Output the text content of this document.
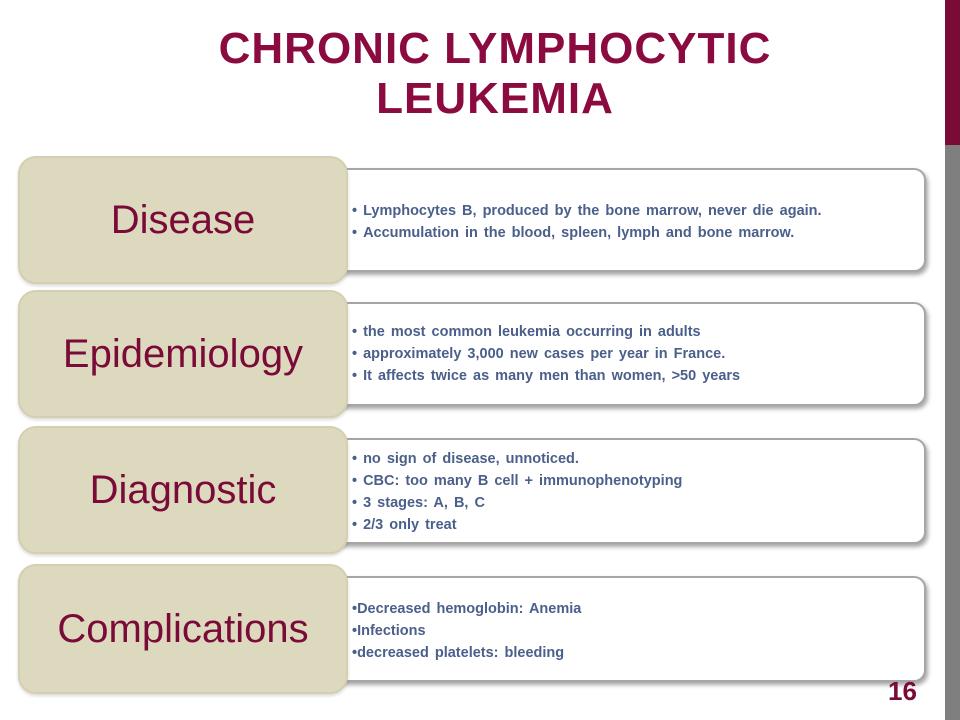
CHRONIC LYMPHOCYTIC
LEUKEMIA
• Lymphocytes B, produced by the bone marrow, never die again.
• Accumulation in the blood, spleen, lymph and bone marrow.
Disease
• the most common leukemia occurring in adults
• approximately 3,000 new cases per year in France.
• It affects twice as many men than women, >50 years
Epidemiology
• no sign of disease, unnoticed.
• CBC: too many B cell + immunophenotyping
• 3 stages: A, B, C
• 2/3 only treat
Diagnostic
•Decreased hemoglobin: Anemia
•Infections
•decreased platelets: bleeding
Complications
16
